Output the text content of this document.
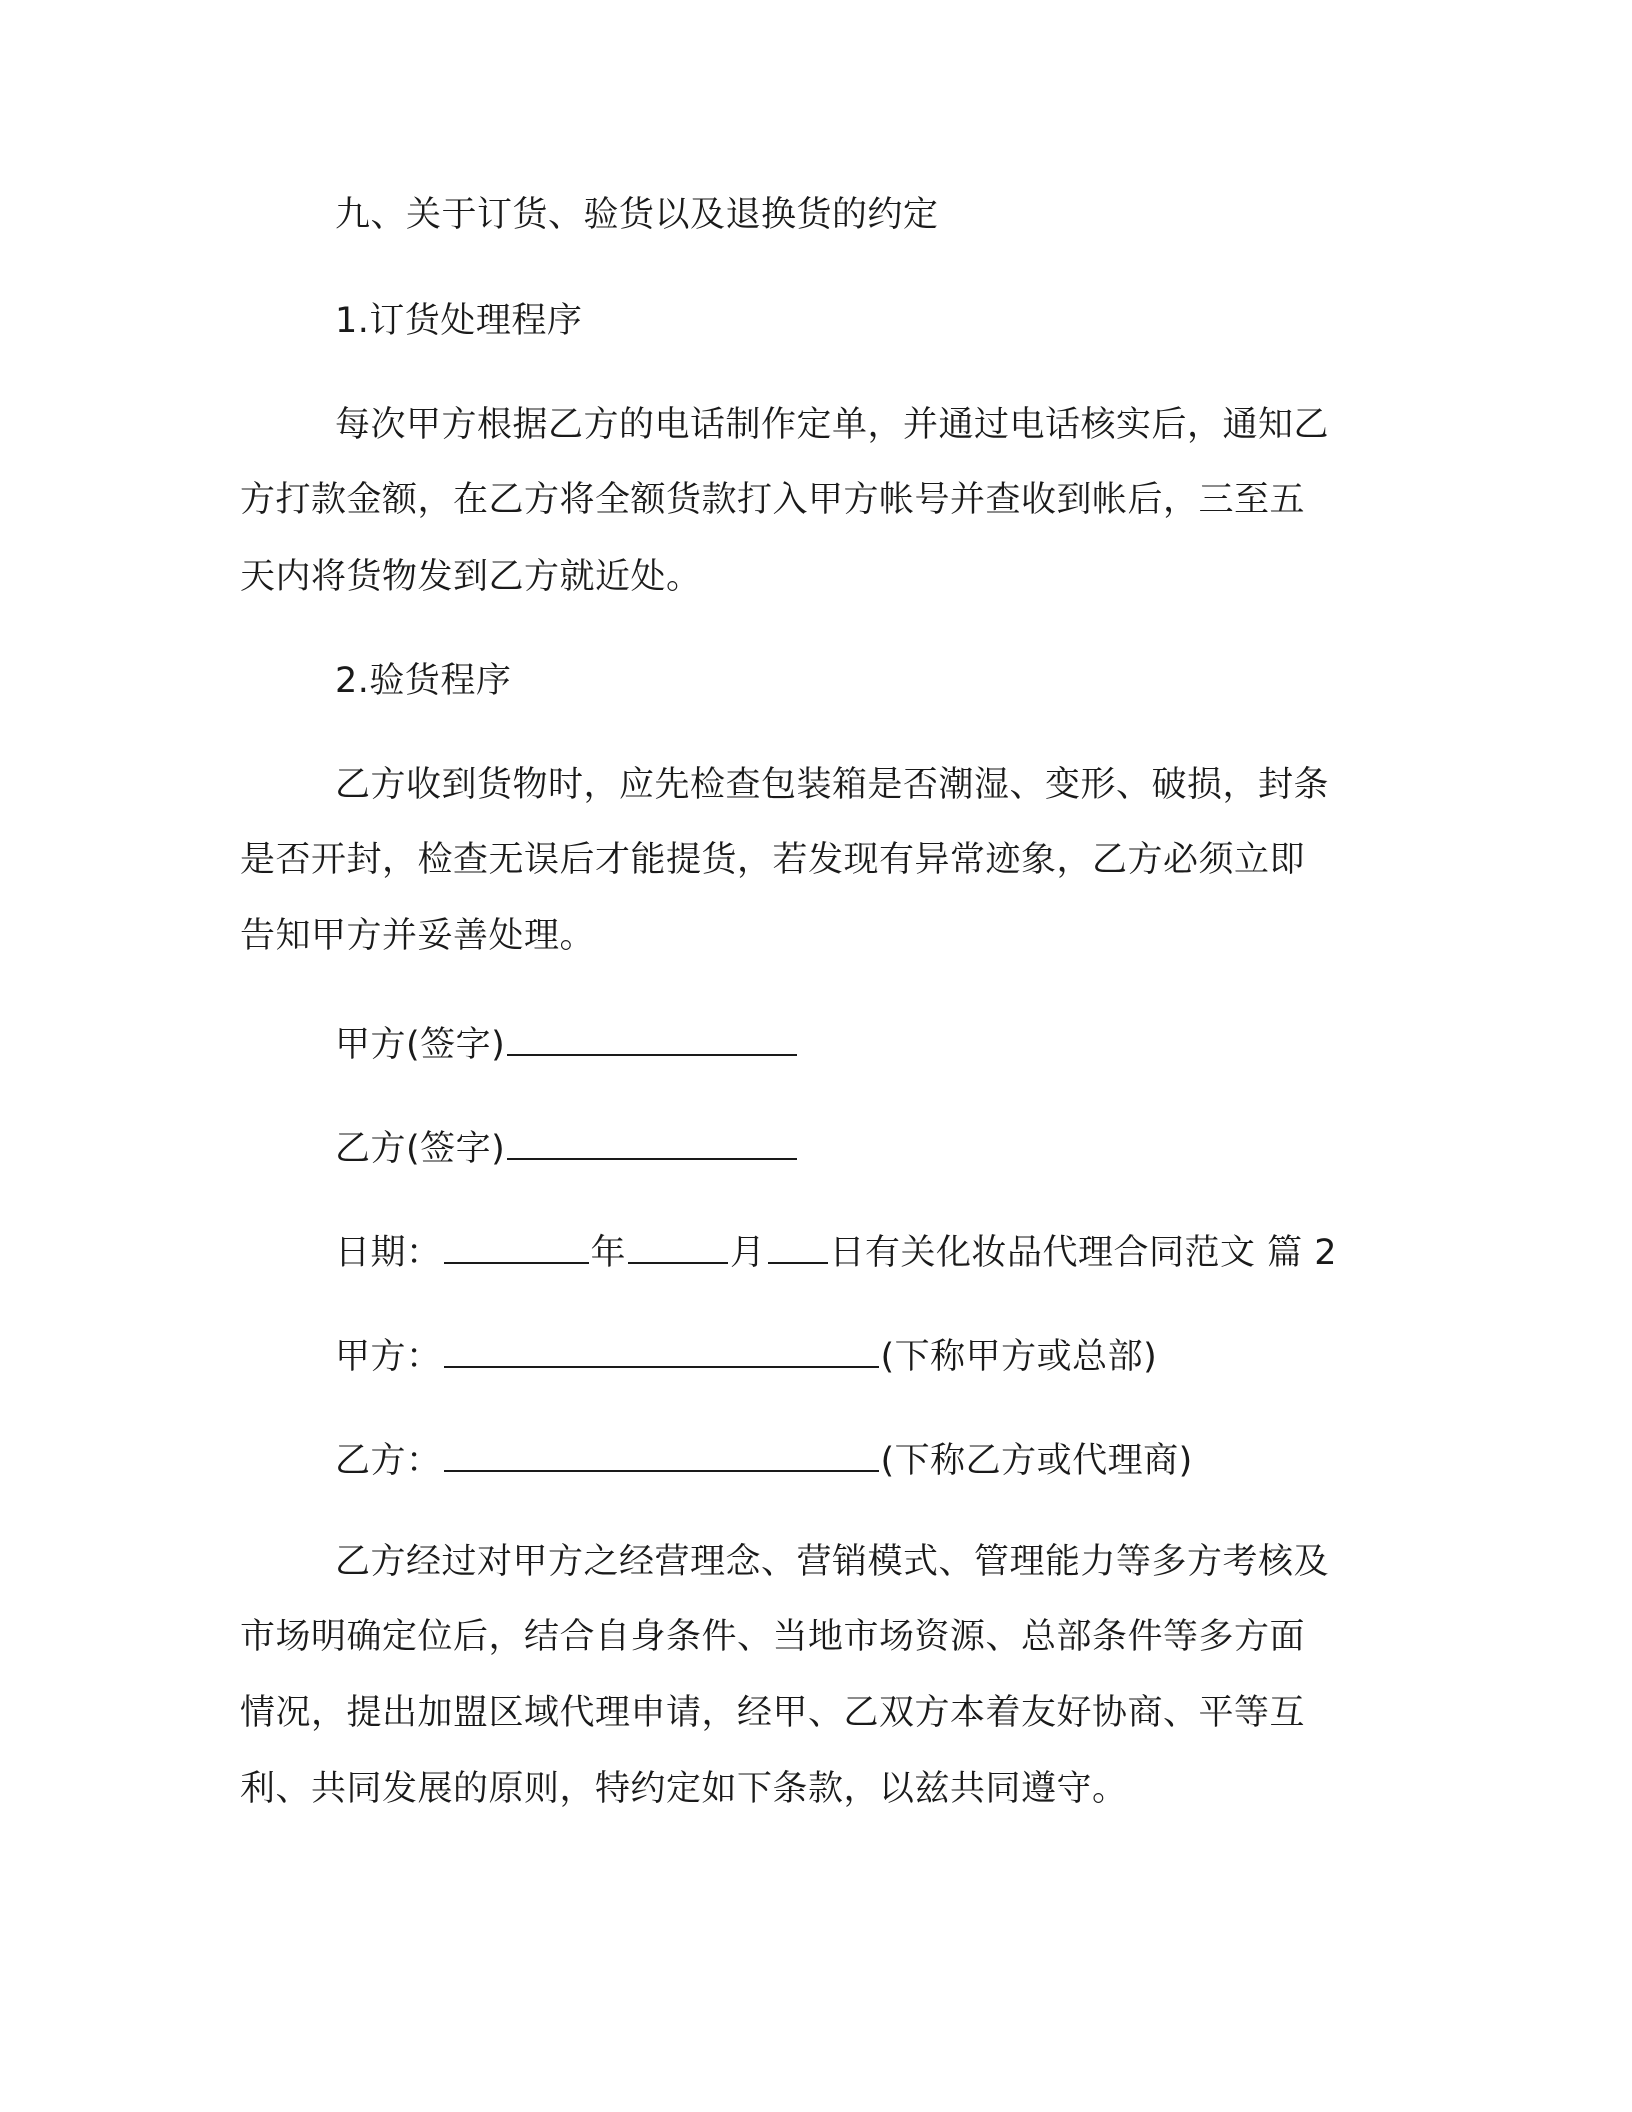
九、关于订货、验货以及退换货的约定
1.订货处理程序
每次甲方根据乙方的电话制作定单，并通过电话核实后，通知乙
方打款金额，在乙方将全额货款打入甲方帐号并查收到帐后，三至五
天内将货物发到乙方就近处。
2.验货程序
乙方收到货物时，应先检查包装箱是否潮湿、变形、破损，封条
是否开封，检查无误后才能提货，若发现有异常迹象，乙方必须立即
告知甲方并妥善处理。
甲方(签字)
乙方(签字)
日期：	年	月 日有关化妆品代理合同范文 篇 2
甲方：	(下称甲方或总部)
乙方：	(下称乙方或代理商)
乙方经过对甲方之经营理念、营销模式、管理能力等多方考核及
市场明确定位后，结合自身条件、当地市场资源、总部条件等多方面
情况，提出加盟区域代理申请，经甲、乙双方本着友好协商、平等互
利、共同发展的原则，特约定如下条款，以兹共同遵守。
